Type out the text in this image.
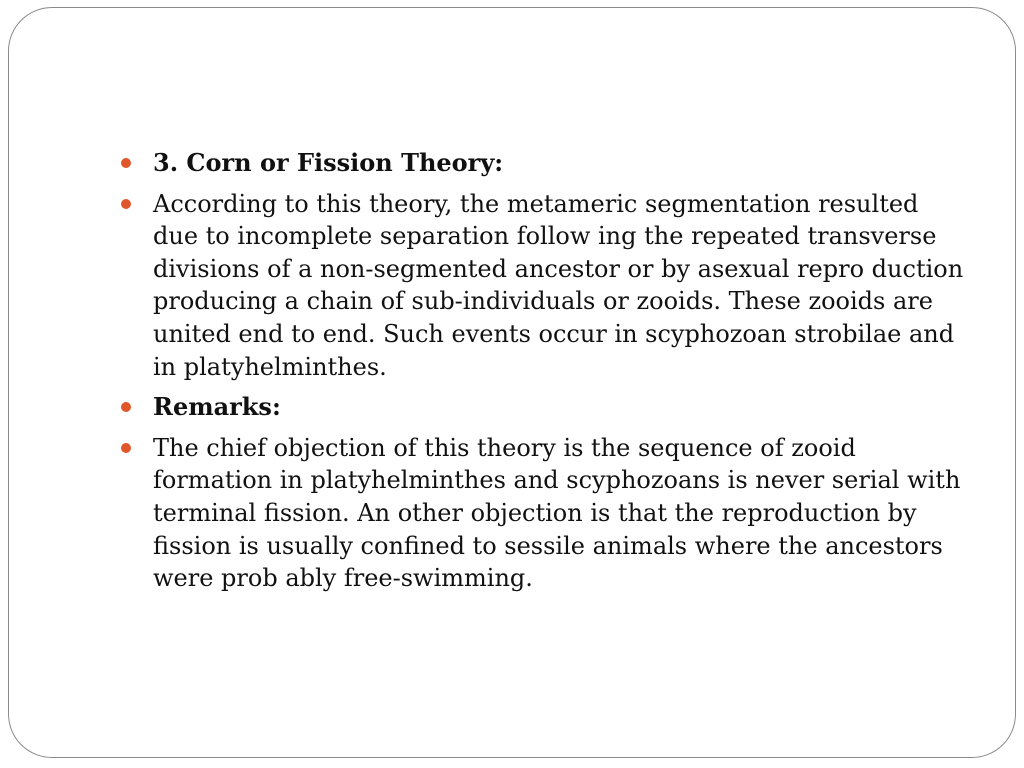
3. Corn or Fission Theory:
According to this theory, the metameric segmentation resulted
due to incomplete separation follow ing the repeated transverse
divisions of a non-segmented ancestor or by asexual repro duction
producing a chain of sub-individuals or zooids. These zooids are
united end to end. Such events occur in scyphozoan strobilae and
in platyhelminthes.
Remarks:
The chief objection of this theory is the sequence of zooid
formation in platyhelminthes and scyphozoans is never serial with
terminal fission. An other objection is that the reproduction by
fission is usually confined to sessile animals where the ancestors
were prob ably free-swimming.
